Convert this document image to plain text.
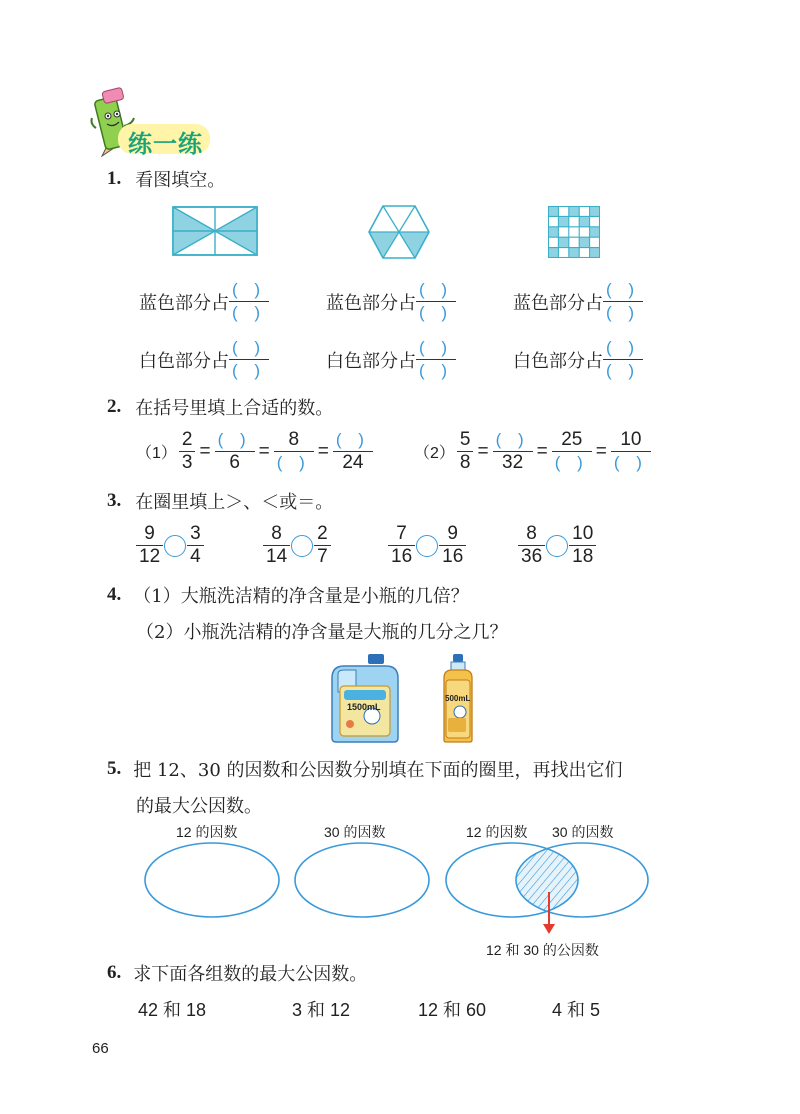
练一练
1. 看图填空。
蓝色部分占 $\frac{( )}{( )}$	蓝色部分占 $\frac{( )}{( )}$	蓝色部分占 $\frac{( )}{( )}$
白色部分占 $\frac{( )}{( )}$	白色部分占 $\frac{( )}{( )}$	白色部分占 $\frac{( )}{( )}$
2. 在括号里填上合适的数。
$(1) \frac{2}{3} = \frac{( )}{6} = \frac{8}{( )} = \frac{( )}{24}$	$(2) \frac{5}{8} = \frac{( )}{32} = \frac{25}{( )} = \frac{10}{( )}$
3. 在圈里填上＞、＜或＝。
$\frac{9}{12} \frac{3}{4}$	$\frac{8}{14} \frac{2}{7}$	$\frac{7}{16} \frac{9}{16}$	$\frac{8}{36} \frac{10}{18}$
4. （1）大瓶洗洁精的净含量是小瓶的几倍？
（2）小瓶洗洁精的净含量是大瓶的几分之几？
1500mL
500mL
5. 把 12、30 的因数和公因数分别填在下面的圈里，再找出它们
的最大公因数。
12 的因数	30 的因数	12 的因数 30 的因数
12 和 30 的公因数
6. 求下面各组数的最大公因数。
42 和 18	3 和 12	12 和 60	4 和 5
66
